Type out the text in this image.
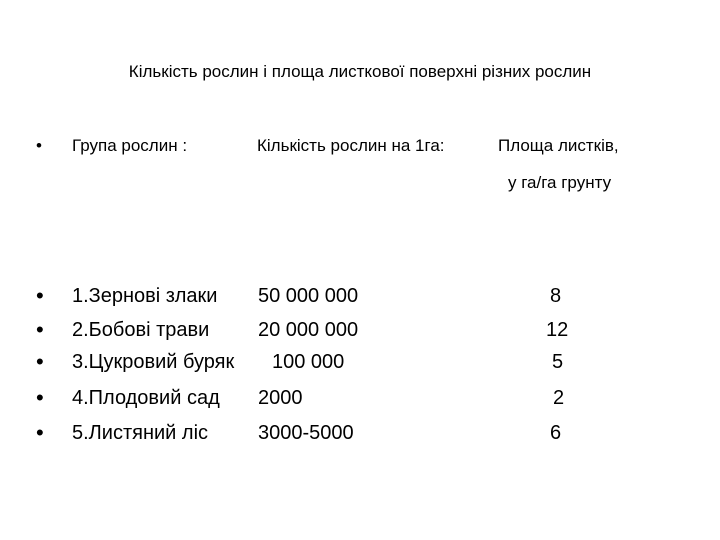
Кількість рослин і площа листкової поверхні різних рослин
• Група рослин :	Кількість рослин на 1га:	Площа листків,
у га/га грунту
• 1.Зернові злаки 50 000 000	8
• 2.Бобові трави 20 000 000	12
• 3.Цукровий буряк 100 000	5
• 4.Плодовий сад 2000	2
• 5.Листяний ліс 3000-5000	6
